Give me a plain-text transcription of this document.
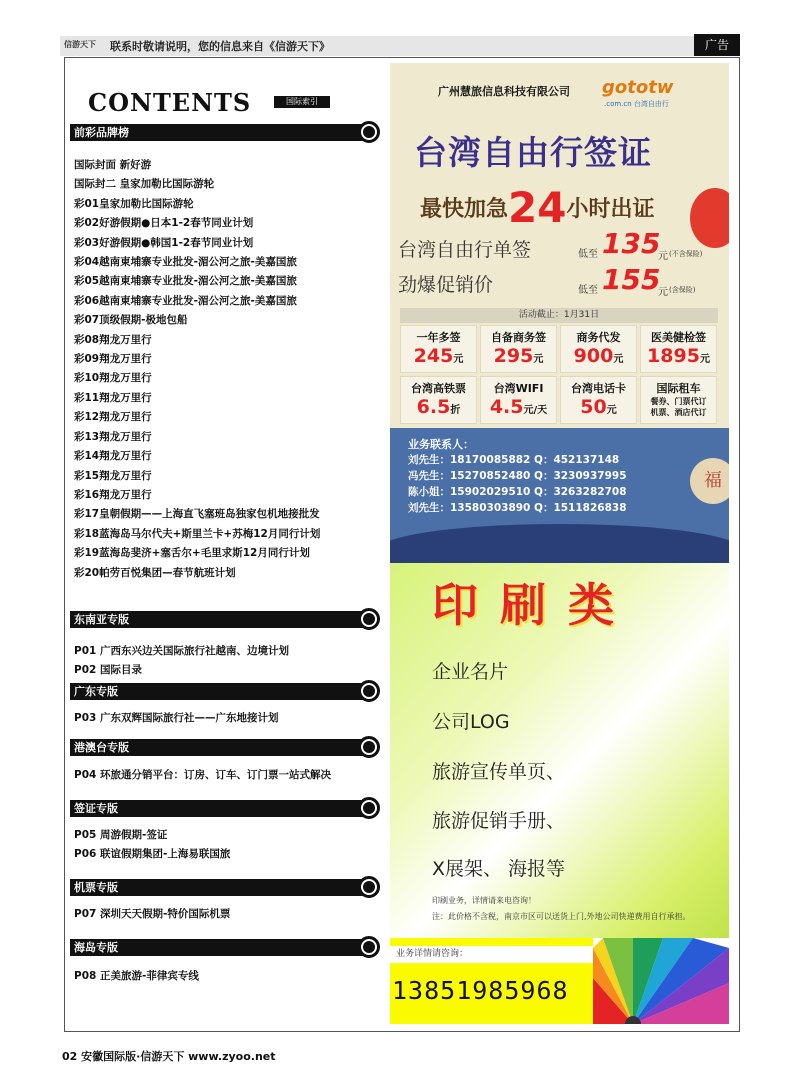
信游天下 联系时敬请说明，您的信息来自《信游天下》	广告
CONTENTS	国际索引
前彩品牌榜
国际封面 新好游
国际封二 皇家加勒比国际游轮
彩01皇家加勒比国际游轮
彩02好游假期●日本1-2春节同业计划
彩03好游假期●韩国1-2春节同业计划
彩04越南東埔寨专业批发-湄公河之旅-美嘉国旅
彩05越南東埔寨专业批发-湄公河之旅-美嘉国旅
彩06越南東埔寨专业批发-湄公河之旅-美嘉国旅
彩07顶级假期-极地包船
彩08翔龙万里行
彩09翔龙万里行
彩10翔龙万里行
彩11翔龙万里行
彩12翔龙万里行
彩13翔龙万里行
彩14翔龙万里行
彩15翔龙万里行
彩16翔龙万里行
彩17皇朝假期——上海直飞塞班岛独家包机地接批发
彩18蓝海岛马尔代夫+斯里兰卡+苏梅12月同行计划
彩19蓝海岛斐济+塞舌尔+毛里求斯12月同行计划
彩20帕劳百悦集团—春节航班计划
东南亚专版
P01 广西东兴边关国际旅行社越南、边境计划
P02 国际目录
广东专版
P03 广东双辉国际旅行社——广东地接计划
港澳台专版
P04 环旅通分销平台：订房、订车、订门票一站式解决
签证专版
P05 周游假期-签证
P06 联谊假期集团-上海易联国旅
机票专版
P07 深圳天天假期-特价国际机票
海岛专版
P08 正美旅游-菲律宾专线
广州慧旅信息科技有限公司 gototw
.com.cn 台湾自由行
台湾自由行签证
最快加急24小时出证
台湾自由行单签	低至 135
元 (不含保险)
劲爆促销价	低至 155
元 (含保险)
活动截止：1月31日
一年多签
245元
自备商务签
295元
商务代发
900元
医美健检签
1895元
台湾高铁票
6.5折
台湾WIFI
4.5元/天
台湾电话卡
50元
国际租车
餐券、门票代订
机票、酒店代订
福
业务联系人：
刘先生：18170085882 Q：452137148
冯先生：15270852480 Q：3230937995
陈小姐：15902029510 Q：3263282708
刘先生：13580303890 Q：1511826838
印刷类
企业名片
公司LOG
旅游宣传单页、
旅游促销手册、
X展架、 海报等
印刷业务，详情请来电咨询！
注：此价格不含税，南京市区可以送货上门,外地公司快递费用自行承担。
业务详情请咨询：
13851985968
02 安徽国际版·信游天下 www.zyoo.net
